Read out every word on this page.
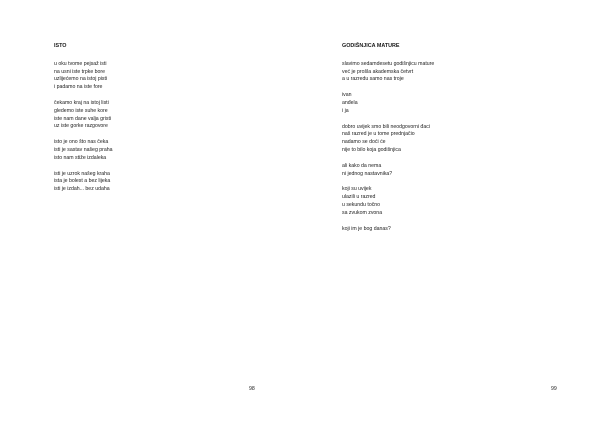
ISTO
u oku tvome pejsaž isti
na usni iste trpke bore
uzlijećemo na istoj pisti
i padamo na iste fore
čekamo kraj na istoj listi
gledemo iste suhe kore
iste nam dane valja gristi
uz iste gorke razgovore
isto je ono što nas čeka
isti je sastav našeg praha
isto nam stiže izdaleka
isti je uzrok našeg kraha
ista je bolest a bez lijeka
isti je izdah... bez udaha
98
GODIŠNJICA MATURE
slavimo sedamdesetu godišnjicu mature
već je prošla akademska četvrt
a u razredu samo nas troje
ivan
anđela
i ja
dobro uvijek smo bili neodgovorni đaci
naš razred je u tome prednjačio
nadamo se doći će
nije to bilo koja godišnjica
ali kako da nema
ni jednog nastavnika?
koji su uvijek
ulazili u razred
u sekundu točno
sa zvukom zvona
koji im je bog danas?
99
